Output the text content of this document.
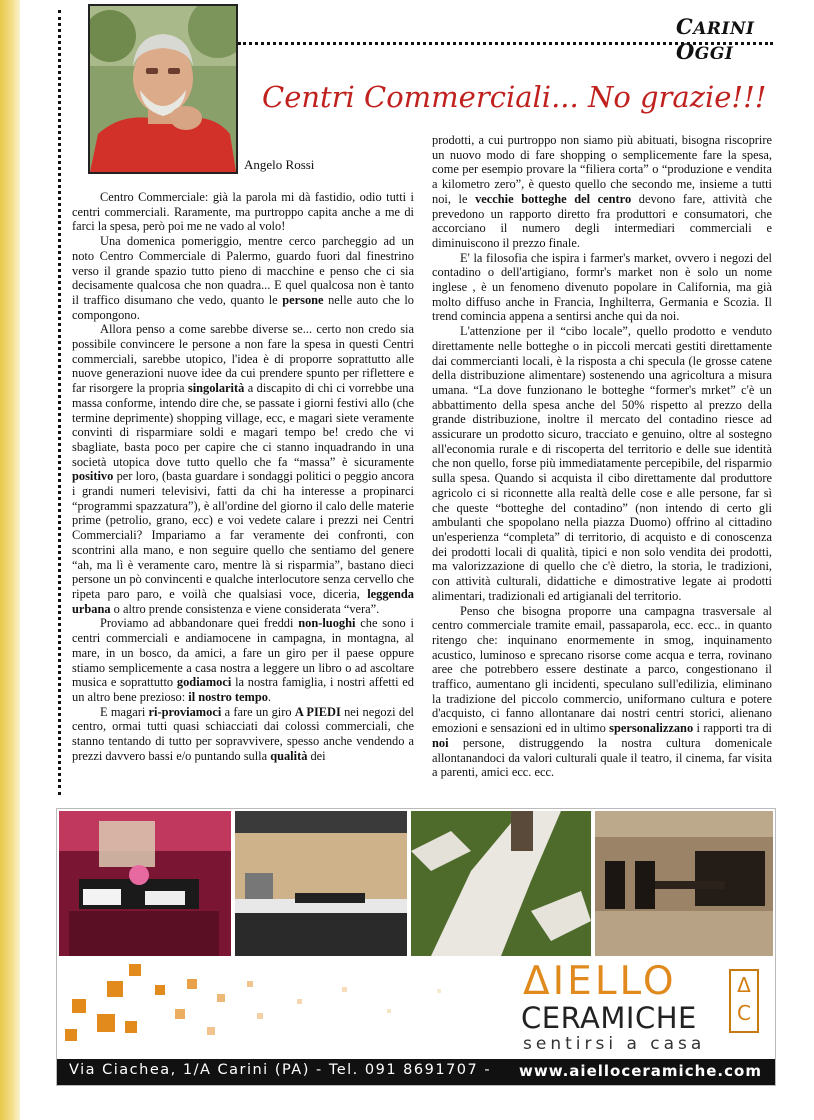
CARINI OGGI
Angelo Rossi
Centri Commerciali... No grazie!!!

Centro Commerciale: già la parola mi dà fastidio, odio tutti i centri commerciali. Raramente, ma purtroppo capita anche a me di farci la spesa, però poi me ne vado al volo!

Una domenica pomeriggio, mentre cerco parcheggio ad un noto Centro Commerciale di Palermo, guardo fuori dal finestrino verso il grande spazio tutto pieno di macchine e penso che ci sia decisamente qualcosa che non quadra... E quel qualcosa non è tanto il traffico disumano che vedo, quanto le persone nelle auto che lo compongono.

Allora penso a come sarebbe diverse se... certo non credo sia possibile convincere le persone a non fare la spesa in questi Centri commerciali, sarebbe utopico, l'idea è di proporre soprattutto alle nuove generazioni nuove idee da cui prendere spunto per riflettere e far risorgere la propria singolarità a discapito di chi ci vorrebbe una massa conforme, intendo dire che, se passate i giorni festivi allo (che termine deprimente) shopping village, ecc, e magari siete veramente convinti di risparmiare soldi e magari tempo be! credo che vi sbagliate, basta poco per capire che ci stanno inquadrando in una società utopica dove tutto quello che fa “massa” è sicuramente positivo per loro, (basta guardare i sondaggi politici o peggio ancora i grandi numeri televisivi, fatti da chi ha interesse a propinarci “programmi spazzatura”), è all'ordine del giorno il calo delle materie prime (petrolio, grano, ecc) e voi vedete calare i prezzi nei Centri Commerciali? Impariamo a far veramente dei confronti, con scontrini alla mano, e non seguire quello che sentiamo del genere “ah, ma lì è veramente caro, mentre là si risparmia”, bastano dieci persone un pò convincenti e qualche interlocutore senza cervello che ripeta paro paro, e voilà che qualsiasi voce, diceria, leggenda urbana o altro prende consistenza e viene considerata “vera”.

Proviamo ad abbandonare quei freddi non-luoghi che sono i centri commerciali e andiamocene in campagna, in montagna, al mare, in un bosco, da amici, a fare un giro per il paese oppure stiamo semplicemente a casa nostra a leggere un libro o ad ascoltare musica e soprattutto godiamoci la nostra famiglia, i nostri affetti ed un altro bene prezioso: il nostro tempo.

E magari ri-proviamoci a fare un giro A PIEDI nei negozi del centro, ormai tutti quasi schiacciati dai colossi commerciali, che stanno tentando di tutto per sopravvivere, spesso anche vendendo a prezzi davvero bassi e/o puntando sulla qualità dei

prodotti, a cui purtroppo non siamo più abituati, bisogna riscoprire un nuovo modo di fare shopping o semplicemente fare la spesa, come per esempio provare la “filiera corta” o “produzione e vendita a kilometro zero”, è questo quello che secondo me, insieme a tutti noi, le vecchie botteghe del centro devono fare, attività che prevedono un rapporto diretto fra produttori e consumatori, che accorciano il numero degli intermediari commerciali e diminuiscono il prezzo finale.

E' la filosofia che ispira i farmer's market, ovvero i negozi del contadino o dell'artigiano, formr's market non è solo un nome inglese , è un fenomeno divenuto popolare in California, ma già molto diffuso anche in Francia, Inghilterra, Germania e Scozia. Il trend comincia appena a sentirsi anche qui da noi.

L'attenzione per il “cibo locale”, quello prodotto e venduto direttamente nelle botteghe o in piccoli mercati gestiti direttamente dai commercianti locali, è la risposta a chi specula (le grosse catene della distribuzione alimentare) sostenendo una agricoltura a misura umana. “La dove funzionano le botteghe “former's mrket” c'è un abbattimento della spesa anche del 50% rispetto al prezzo della grande distribuzione, inoltre il mercato del contadino riesce ad assicurare un prodotto sicuro, tracciato e genuino, oltre al sostegno all'economia rurale e di riscoperta del territorio e delle sue identità che non quello, forse più immediatamente percepibile, del risparmio sulla spesa. Quando si acquista il cibo direttamente dal produttore agricolo ci si riconnette alla realtà delle cose e alle persone, far sì che queste “botteghe del contadino” (non intendo di certo gli ambulanti che spopolano nella piazza Duomo) offrino al cittadino un'esperienza “completa” di territorio, di acquisto e di conoscenza dei prodotti locali di qualità, tipici e non solo vendita dei prodotti, ma valorizzazione di quello che c'è dietro, la storia, le tradizioni, con attività culturali, didattiche e dimostrative legate ai prodotti alimentari, tradizionali ed artigianali del territorio.

Penso che bisogna proporre una campagna trasversale al centro commerciale tramite email, passaparola, ecc. ecc.. in quanto ritengo che: inquinano enormemente in smog, inquinamento acustico, luminoso e sprecano risorse come acqua e terra, rovinano aree che potrebbero essere destinate a parco, congestionano il traffico, aumentano gli incidenti, speculano sull'edilizia, eliminano la tradizione del piccolo commercio, uniformano cultura e potere d'acquisto, ci fanno allontanare dai nostri centri storici, alienano emozioni e sensazioni ed in ultimo spersonalizzano i rapporti tra di noi persone, distruggendo la nostra cultura domenicale allontanandoci da valori culturali quale il teatro, il cinema, far visita a parenti, amici ecc. ecc.

ΔIELLO
CERAMICHE
sentirsi a casa
Δ
C
Via Ciachea, 1/A Carini (PA) - Tel. 091 8691707 - www.aielloceramiche.com
